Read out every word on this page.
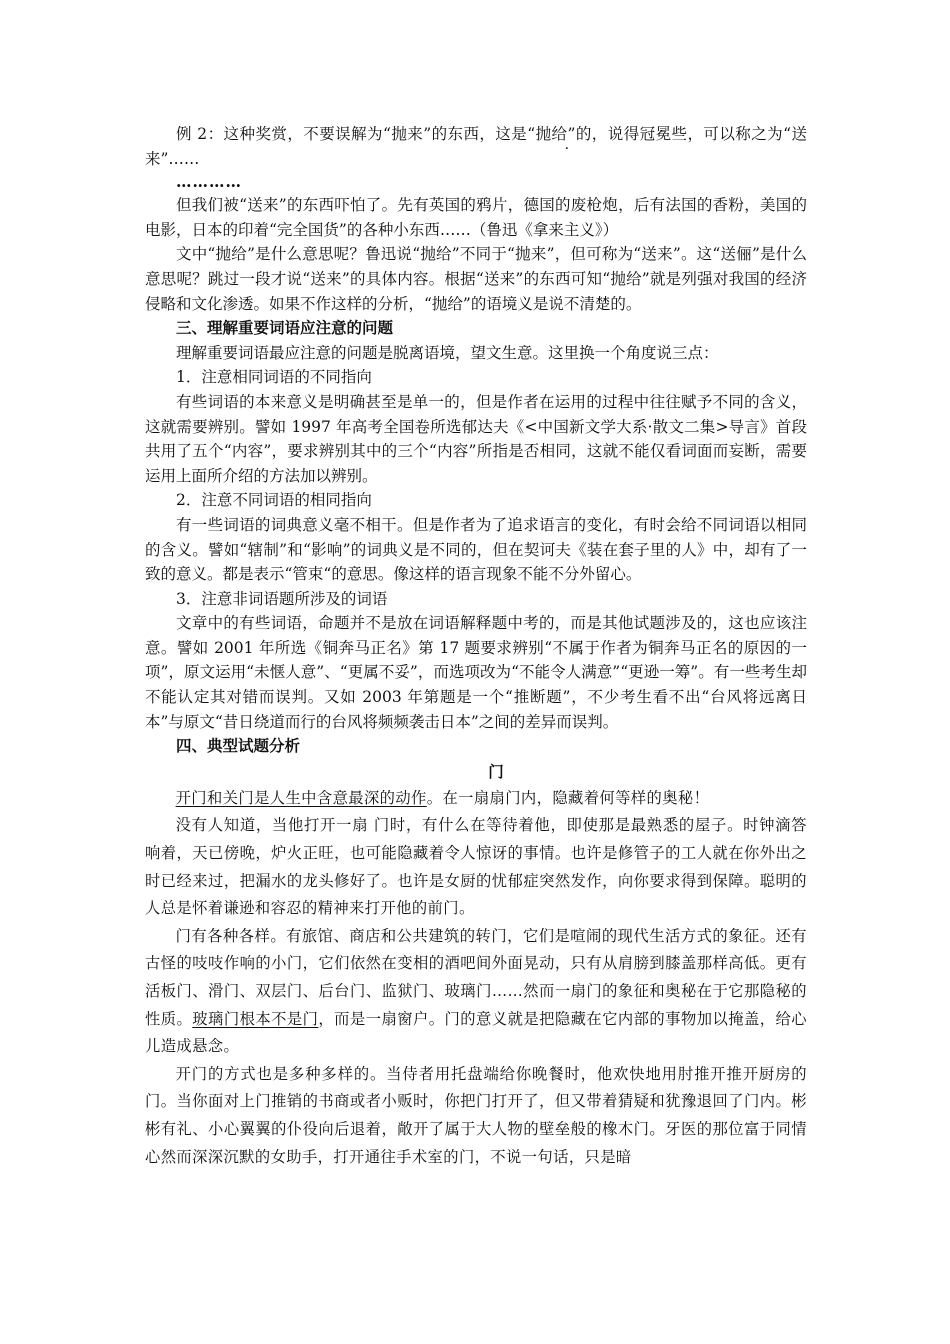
例 2：这种奖赏，不要误解为“抛来”的东西，这是“抛给”的，说得冠冕些，可以称之为“送来”……

…………

但我们被“送来”的东西吓怕了。先有英国的鸦片，德国的废枪炮，后有法国的香粉，美国的电影，日本的印着“完全国货”的各种小东西……（鲁迅《拿来主义》）

文中“抛给”是什么意思呢？鲁迅说“抛给”不同于“抛来”，但可称为“送来”。这“送俪”是什么意思呢？跳过一段才说“送来”的具体内容。根据“送来”的东西可知“抛给”就是列强对我国的经济侵略和文化渗透。如果不作这样的分析，“抛给”的语境义是说不清楚的。

三、理解重要词语应注意的问题

理解重要词语最应注意的问题是脱离语境，望文生意。这里换一个角度说三点：

1．注意相同词语的不同指向

有些词语的本来意义是明确甚至是单一的，但是作者在运用的过程中往往赋予不同的含义，这就需要辨别。譬如 1997 年高考全国卷所选郁达夫《<中国新文学大系·散文二集>导言》首段共用了五个“内容”，要求辨别其中的三个“内容”所指是否相同，这就不能仅看词面而妄断，需要运用上面所介绍的方法加以辨别。

2．注意不同词语的相同指向

有一些词语的词典意义毫不相干。但是作者为了追求语言的变化，有时会给不同词语以相同的含义。譬如“辖制”和“影响”的词典义是不同的，但在契诃夫《装在套子里的人》中，却有了一致的意义。都是表示“管束“的意思。像这样的语言现象不能不分外留心。

3．注意非词语题所涉及的词语

文章中的有些词语，命题并不是放在词语解释题中考的，而是其他试题涉及的，这也应该注意。譬如 2001 年所选《铜奔马正名》第 17 题要求辨别“不属于作者为铜奔马正名的原因的一项”，原文运用“未惬人意”、“更属不妥”，而选项改为“不能令人满意”“更逊一筹”。有一些考生却不能认定其对错而误判。又如 2003 年第题是一个“推断题”，不少考生看不出“台风将远离日本”与原文“昔日绕道而行的台风将频频袭击日本”之间的差异而误判。

四、典型试题分析

门

开门和关门是人生中含意最深的动作。在一扇扇门内，隐藏着何等样的奥秘！

没有人知道，当他打开一扇 门时，有什么在等待着他，即使那是最熟悉的屋子。时钟滴答响着，天已傍晚，炉火正旺，也可能隐藏着令人惊讶的事情。也许是修管子的工人就在你外出之时已经来过，把漏水的龙头修好了。也许是女厨的忧郁症突然发作，向你要求得到保障。聪明的人总是怀着谦逊和容忍的精神来打开他的前门。

门有各种各样。有旅馆、商店和公共建筑的转门，它们是喧闹的现代生活方式的象征。还有古怪的吱吱作响的小门，它们依然在变相的酒吧间外面晃动，只有从肩膀到膝盖那样高低。更有活板门、滑门、双层门、后台门、监狱门、玻璃门……然而一扇门的象征和奥秘在于它那隐秘的性质。玻璃门根本不是门，而是一扇窗户。门的意义就是把隐藏在它内部的事物加以掩盖，给心儿造成悬念。

开门的方式也是多种多样的。当侍者用托盘端给你晚餐时，他欢快地用肘推开推开厨房的门。当你面对上门推销的书商或者小贩时，你把门打开了，但又带着猜疑和犹豫退回了门内。彬彬有礼、小心翼翼的仆役向后退着，敞开了属于大人物的壁垒般的橡木门。牙医的那位富于同情心然而深深沉默的女助手，打开通往手术室的门，不说一句话，只是暗
